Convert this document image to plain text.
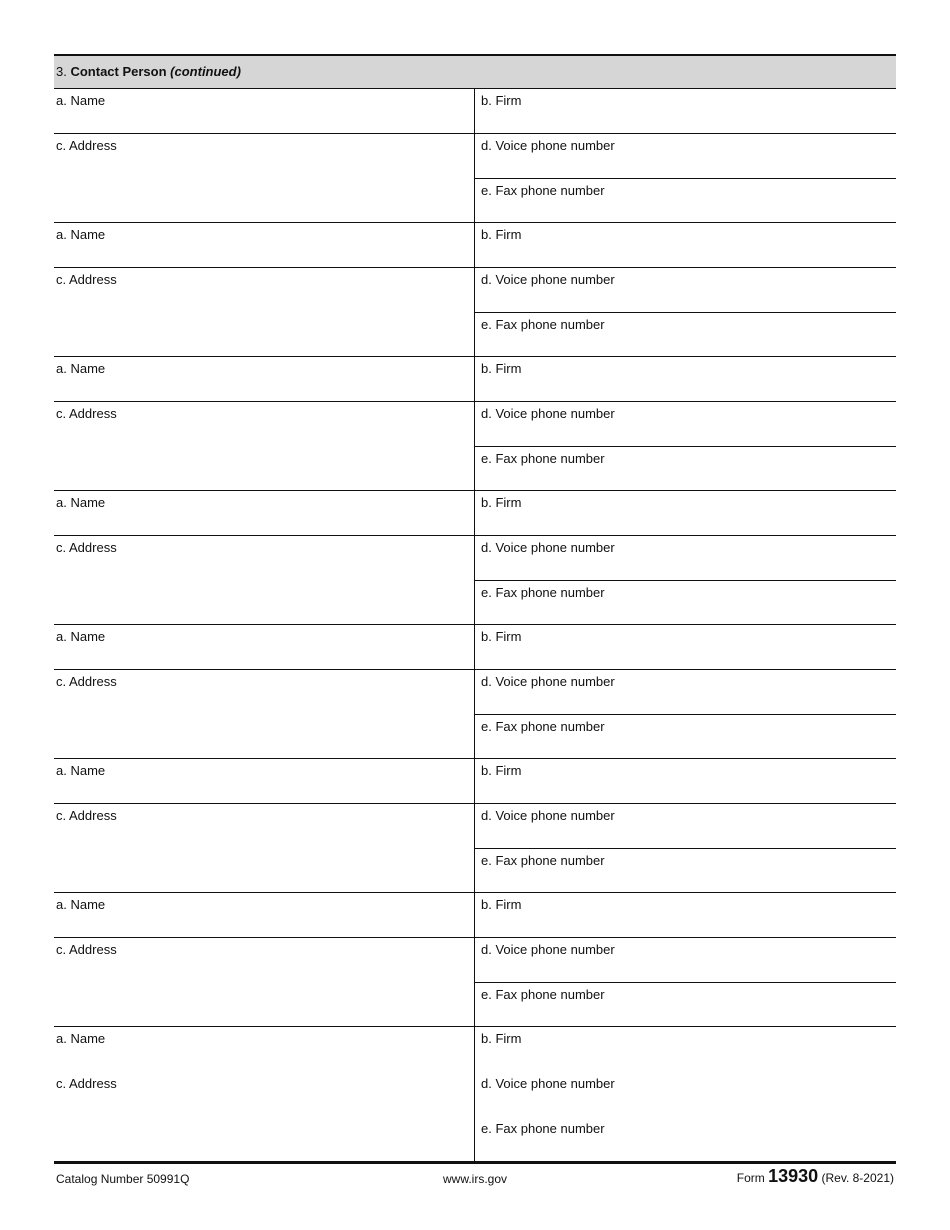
3. Contact Person (continued)
a. Name	b. Firm
c. Address	d. Voice phone number
e. Fax phone number
a. Name	b. Firm
c. Address	d. Voice phone number
e. Fax phone number
a. Name	b. Firm
c. Address	d. Voice phone number
e. Fax phone number
a. Name	b. Firm
c. Address	d. Voice phone number
e. Fax phone number
a. Name	b. Firm
c. Address	d. Voice phone number
e. Fax phone number
a. Name	b. Firm
c. Address	d. Voice phone number
e. Fax phone number
a. Name	b. Firm
c. Address	d. Voice phone number
e. Fax phone number
a. Name	b. Firm
c. Address	d. Voice phone number
e. Fax phone number
Catalog Number 50991Q	www.irs.gov	Form 13930 (Rev. 8-2021)
